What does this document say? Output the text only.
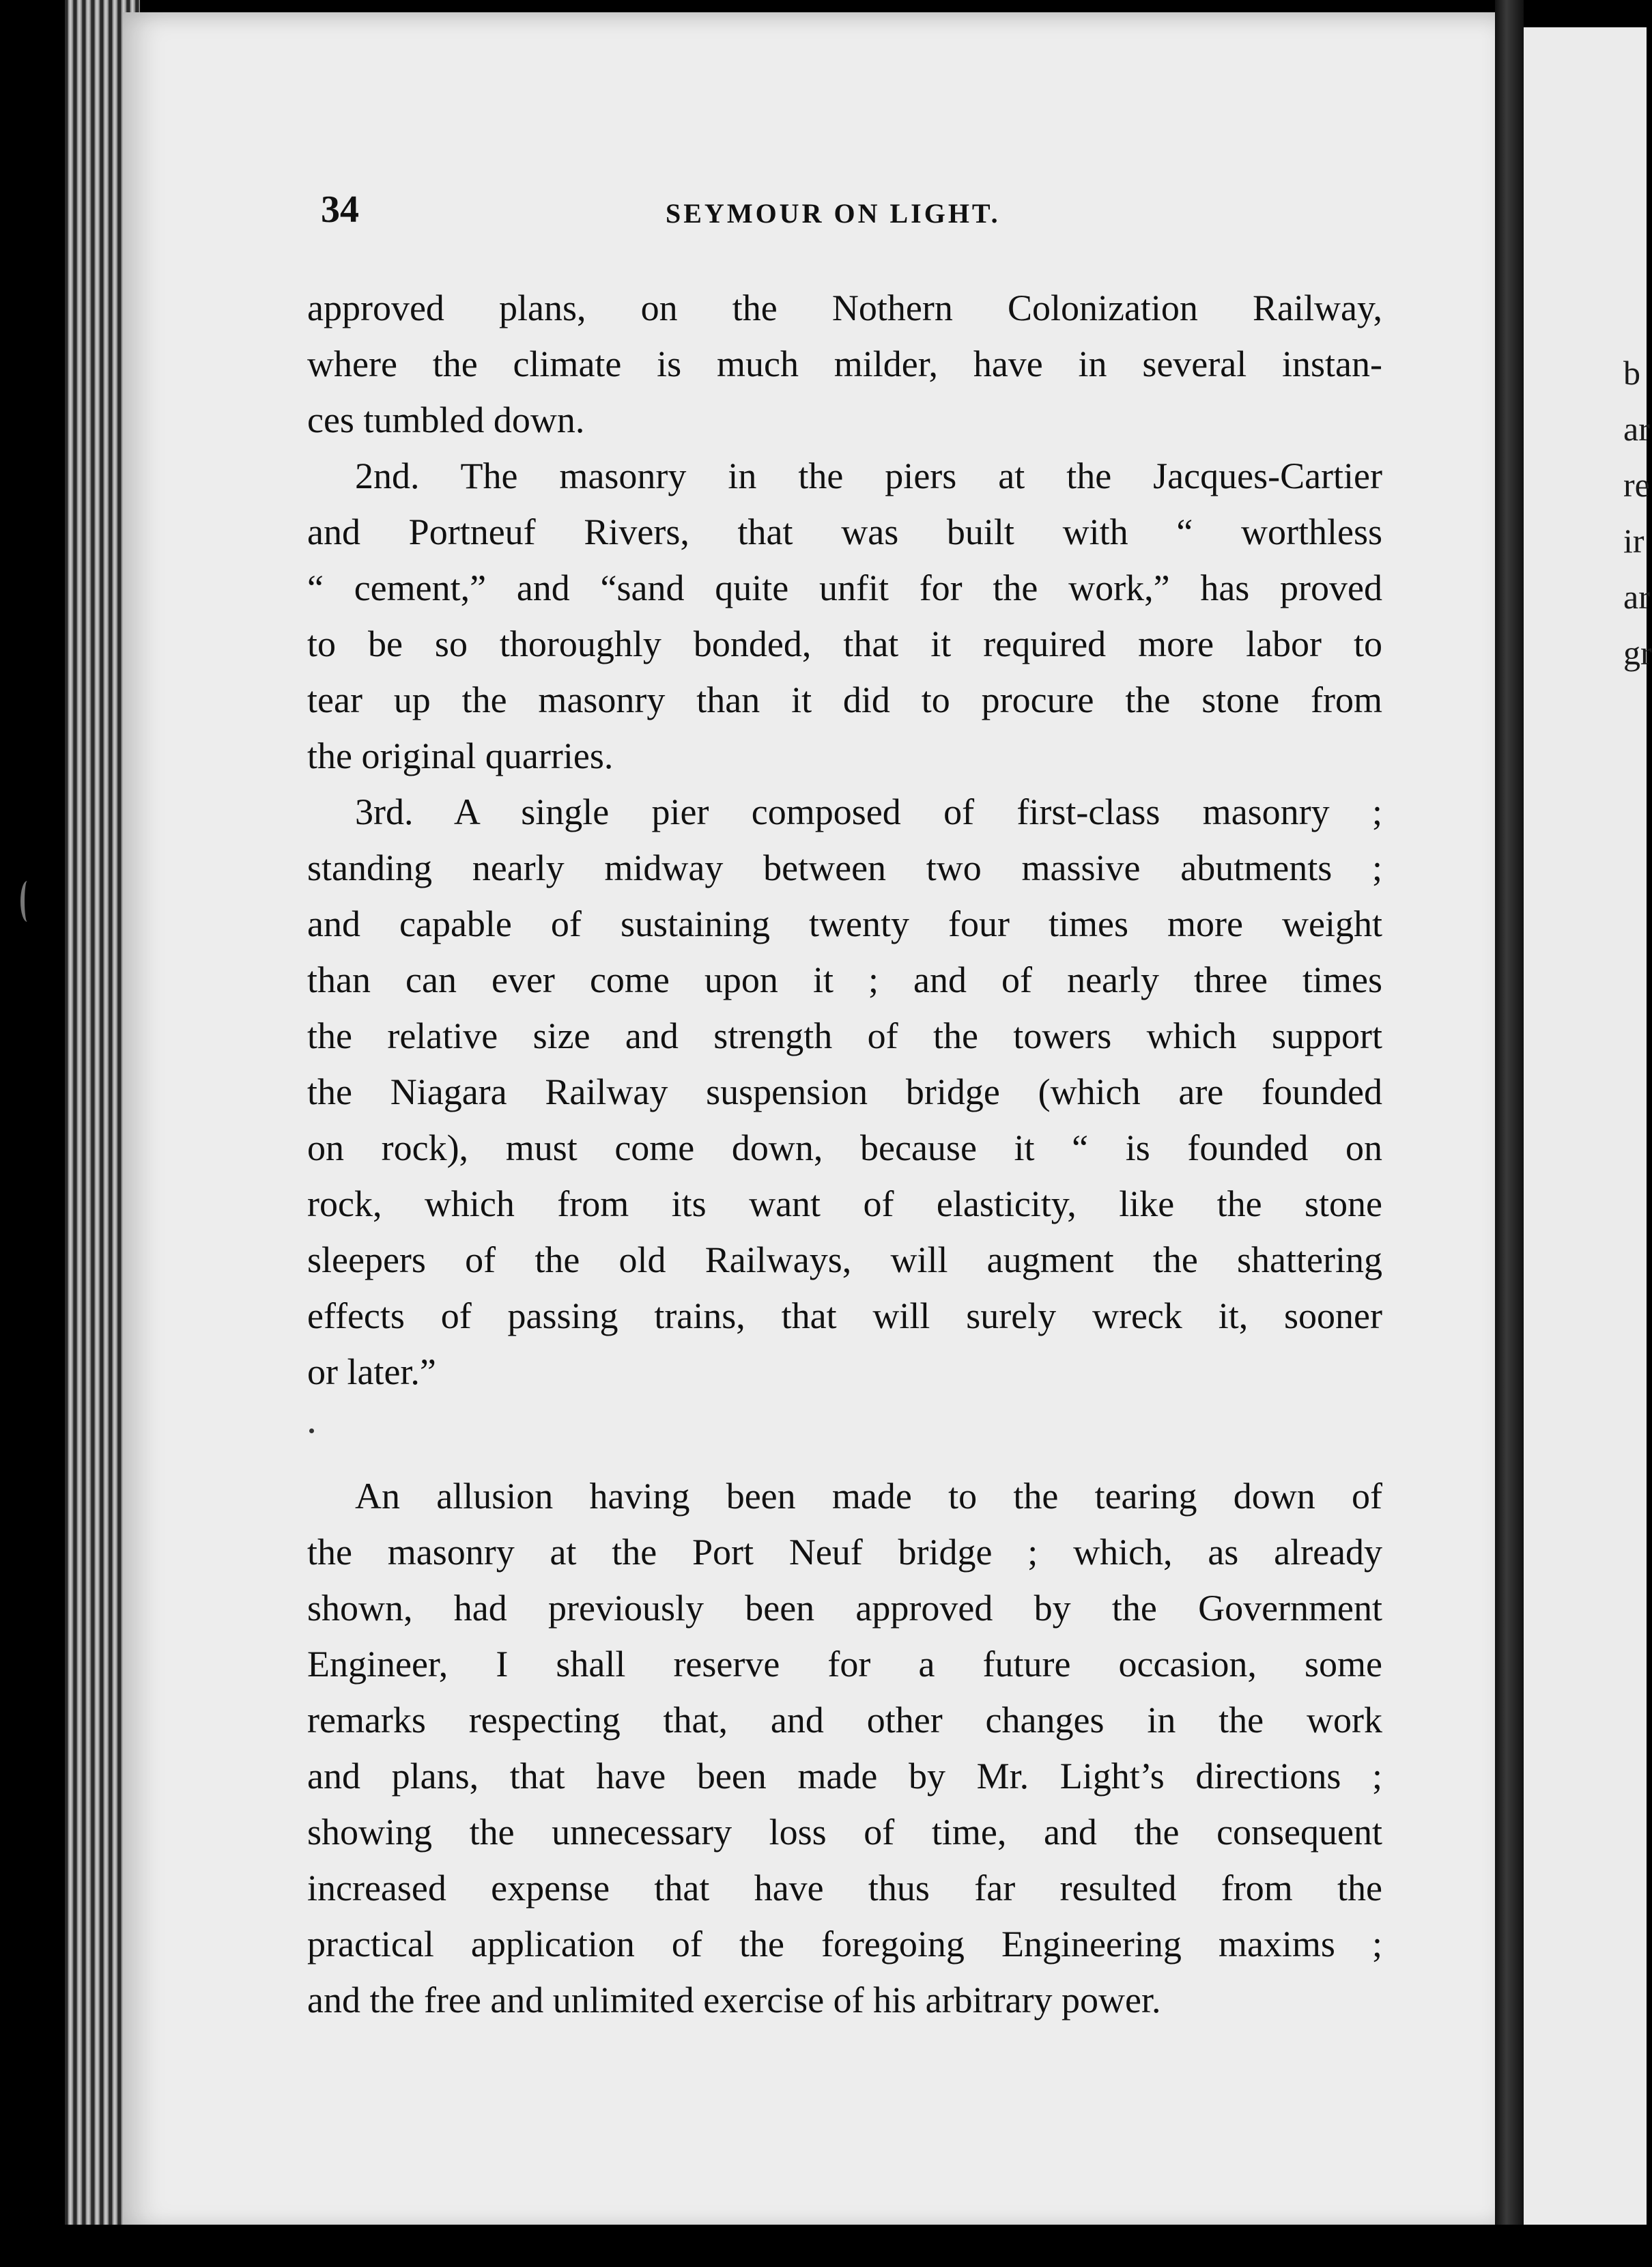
b
ar
re
ir
ar
gr
34	SEYMOUR ON LIGHT.
approved plans, on the Nothern Colonization Railway,
where the climate is much milder, have in several instan-
ces tumbled down.
2nd. The masonry in the piers at the Jacques-Cartier
and Portneuf Rivers, that was built with “ worthless
“ cement,” and “sand quite unfit for the work,” has proved
to be so thoroughly bonded, that it required more labor to
tear up the masonry than it did to procure the stone from
the original quarries.
3rd. A single pier composed of first-class masonry ;
standing nearly midway between two massive abutments ;
and capable of sustaining twenty four times more weight
than can ever come upon it ; and of nearly three times
the relative size and strength of the towers which support
the Niagara Railway suspension bridge (which are founded
on rock), must come down, because it “ is founded on
rock, which from its want of elasticity, like the stone
sleepers of the old Railways, will augment the shattering
effects of passing trains, that will surely wreck it, sooner
or later.”
An allusion having been made to the tearing down of
the masonry at the Port Neuf bridge ; which, as already
shown, had previously been approved by the Government
Engineer, I shall reserve for a future occasion, some
remarks respecting that, and other changes in the work
and plans, that have been made by Mr. Light’s directions ;
showing the unnecessary loss of time, and the consequent
increased expense that have thus far resulted from the
practical application of the foregoing Engineering maxims ;
and the free and unlimited exercise of his arbitrary power.
